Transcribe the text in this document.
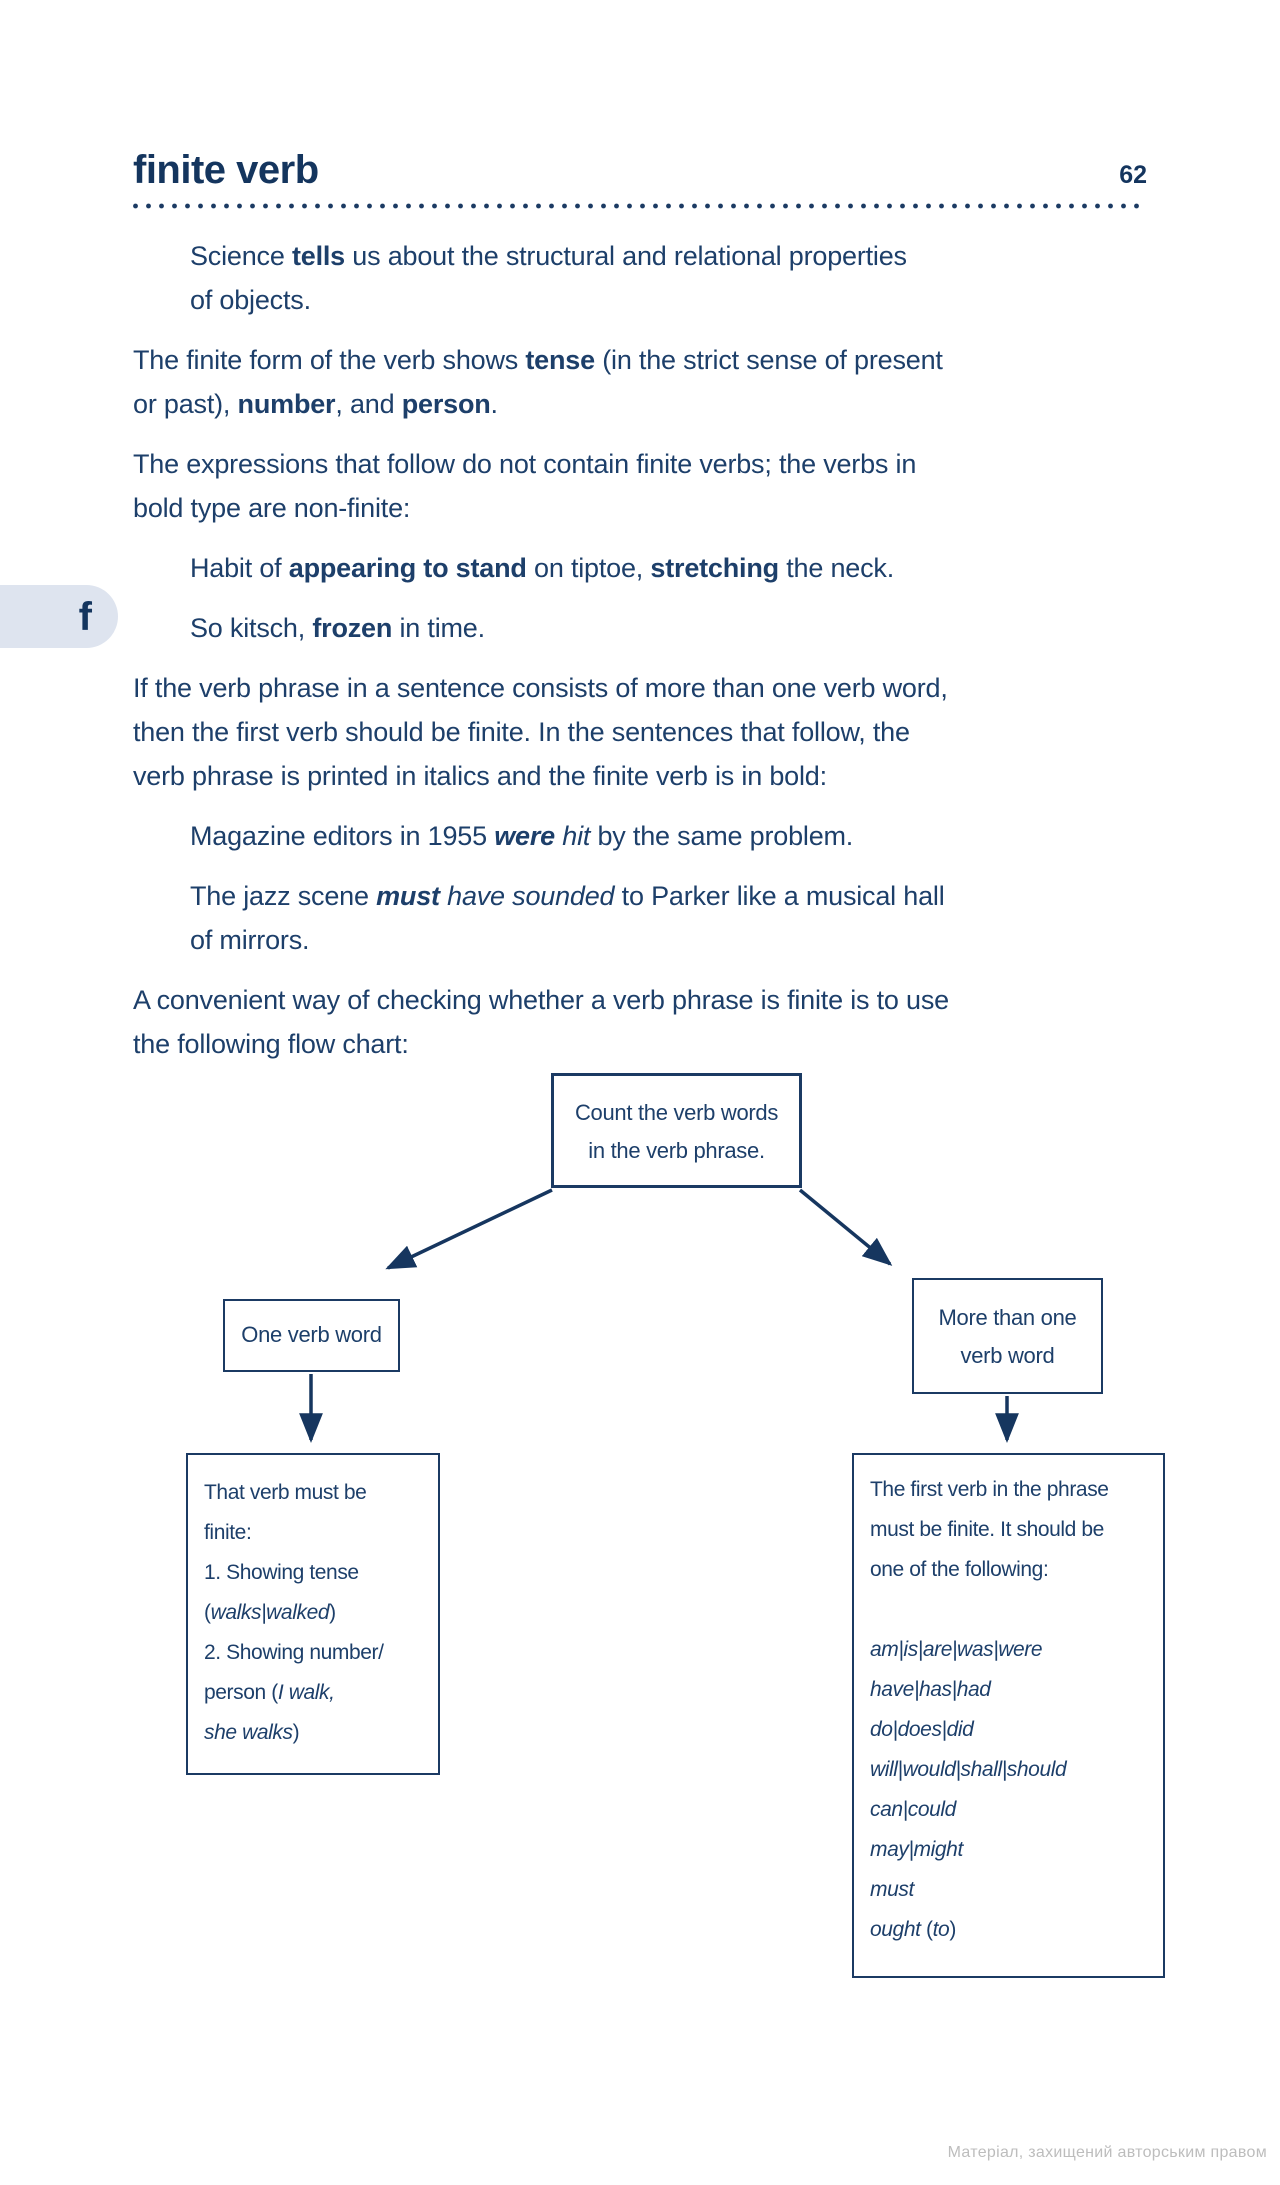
finite verb	62
Science tells us about the structural and relational properties
of objects.
The finite form of the verb shows tense (in the strict sense of present
or past), number, and person.
The expressions that follow do not contain finite verbs; the verbs in
bold type are non-finite:
Habit of appearing to stand on tiptoe, stretching the neck.
So kitsch, frozen in time.
If the verb phrase in a sentence consists of more than one verb word,
then the first verb should be finite. In the sentences that follow, the
verb phrase is printed in italics and the finite verb is in bold:
Magazine editors in 1955 were hit by the same problem.
The jazz scene must have sounded to Parker like a musical hall
of mirrors.
A convenient way of checking whether a verb phrase is finite is to use
the following flow chart:
f
Count the verb words
in the verb phrase.
One verb word
More than one
verb word
That verb must be
finite:
1. Showing tense
(walks|walked)
2. Showing number/
person (I walk,
she walks)
The first verb in the phrase
must be finite. It should be
one of the following:
am|is|are|was|were
have|has|had
do|does|did
will|would|shall|should
can|could
may|might
must
ought (to)
Матеріал, захищений авторським правом
